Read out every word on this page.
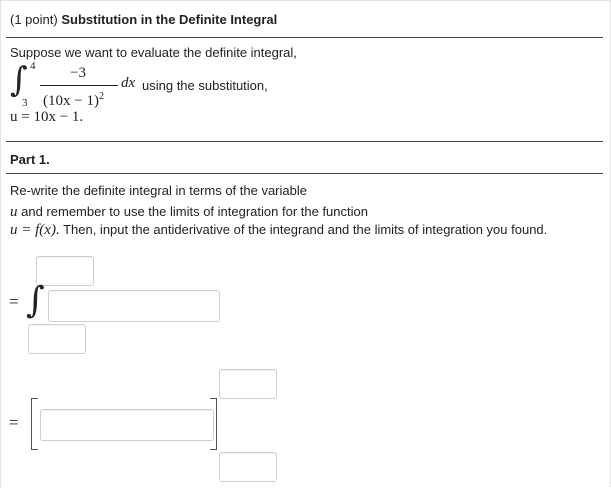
(1 point) Substitution in the Definite Integral
Suppose we want to evaluate the definite integral,
∫ 4
3
−3
$(10x - 1)^2$
dx using the substitution,
u = 10x − 1.
Part 1.
Re-write the definite integral in terms of the variable
u and remember to use the limits of integration for the function
u = f(x). Then, input the antiderivative of the integrand and the limits of integration you found.
= ∫
=
